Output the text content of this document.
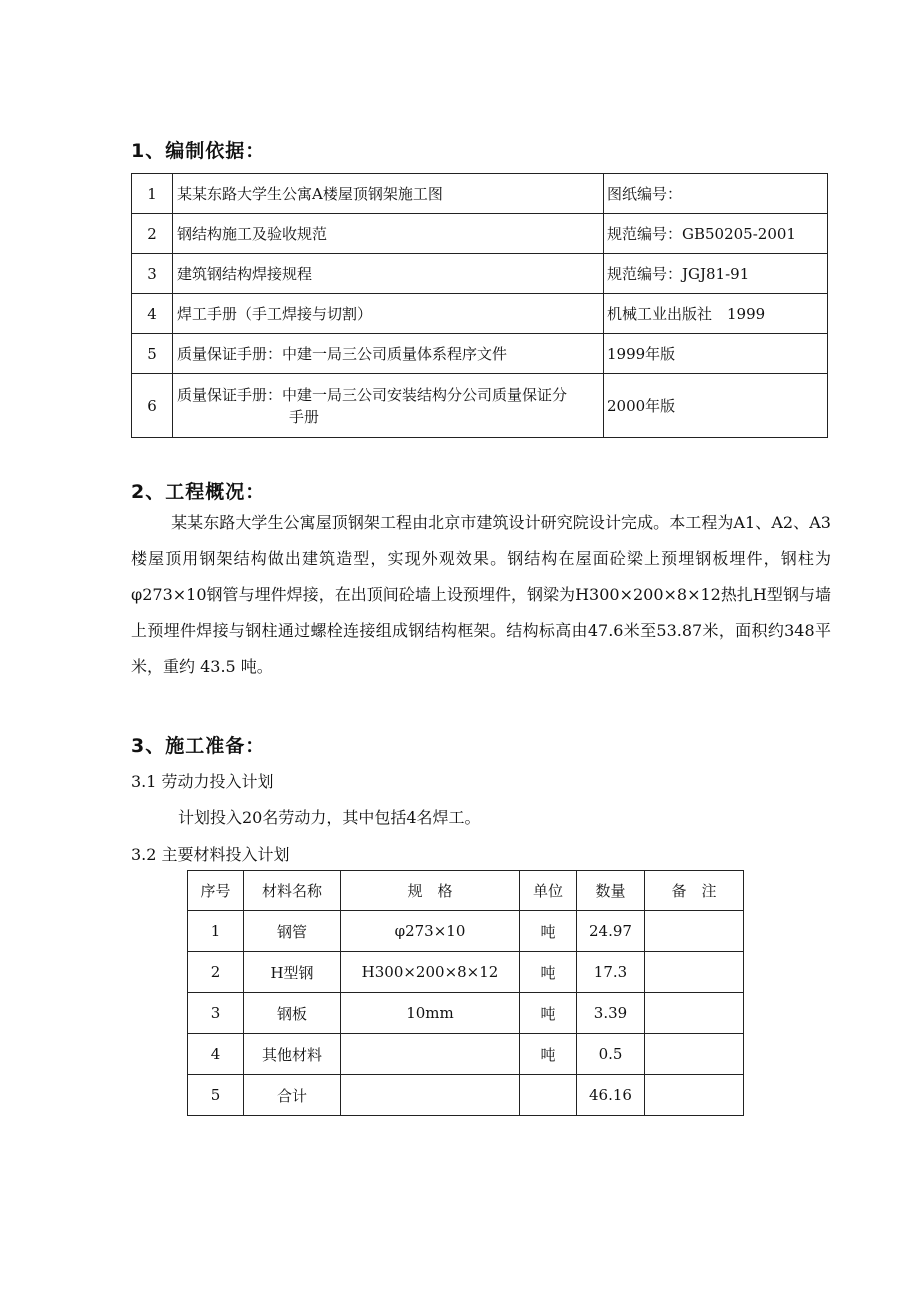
1、编制依据：
1	某某东路大学生公寓A楼屋顶钢架施工图	图纸编号：
2	钢结构施工及验收规范	规范编号：GB50205-2001
3	建筑钢结构焊接规程	规范编号：JGJ81-91
4	焊工手册（手工焊接与切割）	机械工业出版社　1999
5	质量保证手册：中建一局三公司质量体系程序文件	1999年版
6	质量保证手册：中建一局三公司安装结构分公司质量保证分
手册	2000年版
2、工程概况：
某某东路大学生公寓屋顶钢架工程由北京市建筑设计研究院设计完成。本工程为A1、A2、A3楼屋顶用钢架结构做出建筑造型，实现外观效果。钢结构在屋面砼梁上预埋钢板埋件，钢柱为φ273×10钢管与埋件焊接，在出顶间砼墙上设预埋件，钢梁为H300×200×8×12热扎H型钢与墙上预埋件焊接与钢柱通过螺栓连接组成钢结构框架。结构标高由47.6米至53.87米，面积约348平米，重约 43.5 吨。
3、施工准备：
3.1 劳动力投入计划
计划投入20名劳动力，其中包括4名焊工。
3.2 主要材料投入计划
序号	材料名称	规　格	单位	数量	备　注
1	钢管	φ273×10	吨	24.97	
2	H型钢	H300×200×8×12	吨	17.3	
3	钢板	10mm	吨	3.39	
4	其他材料		吨	0.5	
5	合计			46.16	
